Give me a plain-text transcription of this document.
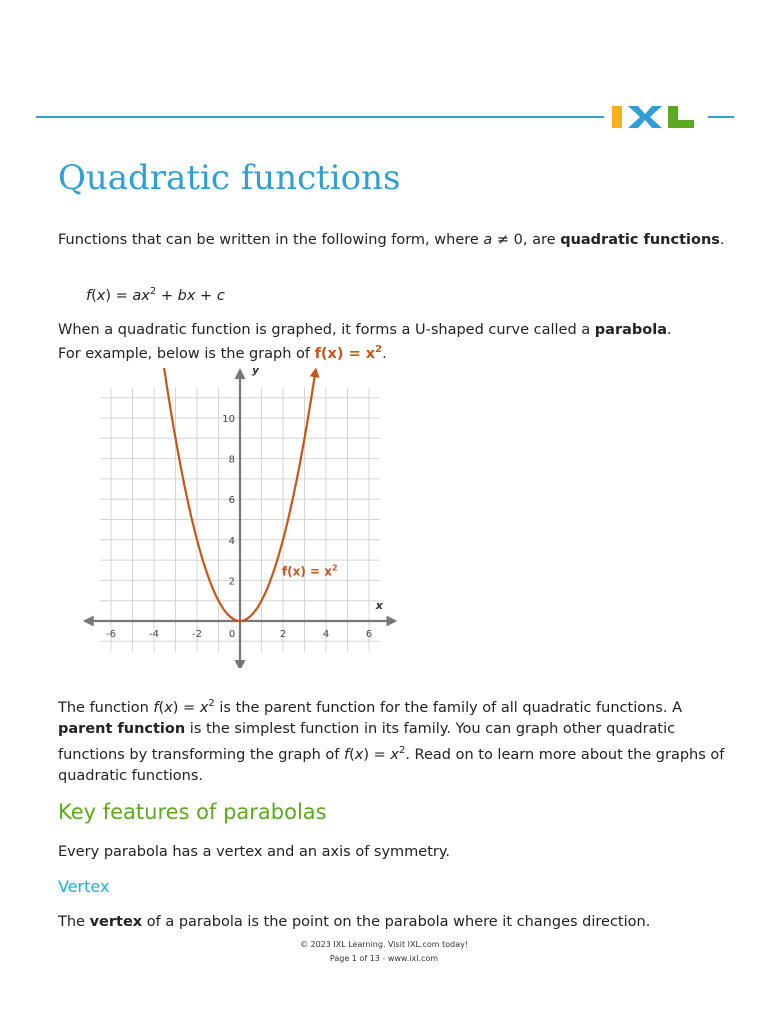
Quadratic functions

Functions that can be written in the following form, where a ≠ 0, are quadratic functions.

$f(x) = ax^2$ + bx + c

When a quadratic function is graphed, it forms a U-shaped curve called a parabola.
For example, below is the graph of $f(x) = x^2$.

-6	-4	-2	0	2	4	6
2
4
6
8
10
x
y
$f(x) = x^2$

The function $f(x) = x^2$ is the parent function for the family of all quadratic functions. A parent function is the simplest function in its family. You can graph other quadratic functions by transforming the graph of $f(x) = x^2$. Read on to learn more about the graphs of quadratic functions.

Key features of parabolas

Every parabola has a vertex and an axis of symmetry.

Vertex

The vertex of a parabola is the point on the parabola where it changes direction.

© 2023 IXL Learning. Visit IXL.com today!

Page 1 of 13 - www.ixl.com
